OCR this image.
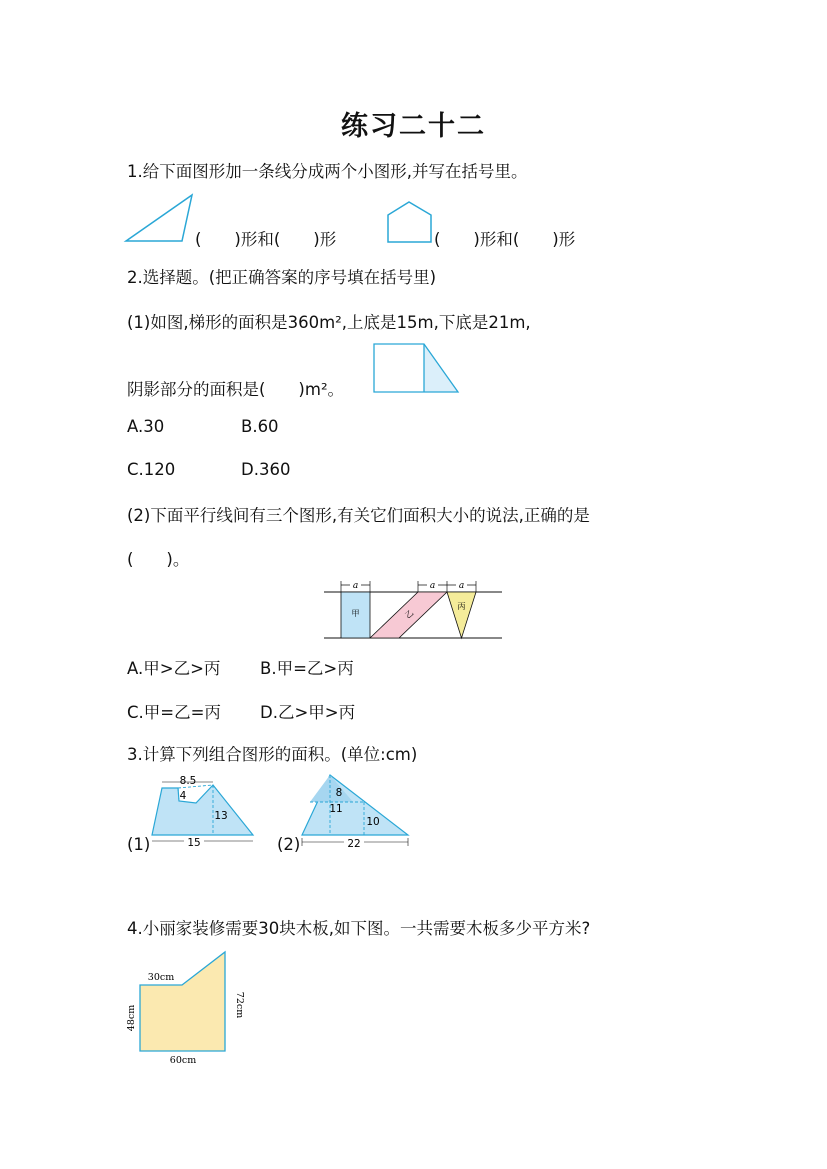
练习二十二
1.给下面图形加一条线分成两个小图形,并写在括号里。
(　　)形和(　　)形	(　　)形和(　　)形
2.选择题。(把正确答案的序号填在括号里)
(1)如图,梯形的面积是360m²,上底是15m,下底是21m,
阴影部分的面积是(　　)m²。
A.30	B.60
C.120	D.360
(2)下面平行线间有三个图形,有关它们面积大小的说法,正确的是
(　　)。
a	a	a
甲	乙
丙
A.甲>乙>丙 B.甲=乙>丙
C.甲=乙=丙 D.乙>甲>丙
3.计算下列组合图形的面积。(单位:cm)
(1)
8.5
4
13
15	(2)
8
11
10
22
4.小丽家装修需要30块木板,如下图。一共需要木板多少平方米?
30cm
48cm	72cm
60cm
